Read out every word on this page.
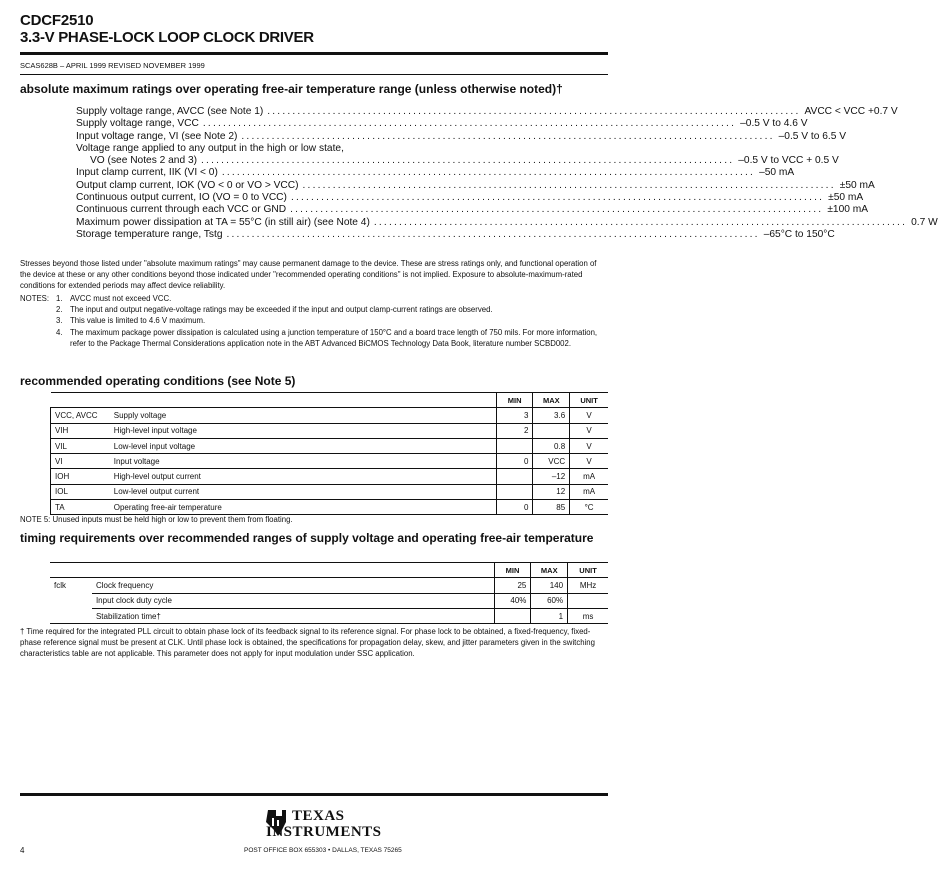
CDCF2510
3.3-V PHASE-LOCK LOOP CLOCK DRIVER
SCAS628B – APRIL 1999 REVISED NOVEMBER 1999
absolute maximum ratings over operating free-air temperature range (unless otherwise noted)†
Supply voltage range, AVCC (see Note 1) .......................................................................................................... AVCC < VCC +0.7 V
Supply voltage range, VCC .......................................................................................................... –0.5 V to 4.6 V
Input voltage range, VI (see Note 2) .......................................................................................................... –0.5 V to 6.5 V
Voltage range applied to any output in the high or low state,
VO (see Notes 2 and 3) .......................................................................................................... –0.5 V to VCC + 0.5 V
Input clamp current, IIK (VI < 0) .......................................................................................................... –50 mA
Output clamp current, IOK (VO < 0 or VO > VCC) .......................................................................................................... ±50 mA
Continuous output current, IO (VO = 0 to VCC) .......................................................................................................... ±50 mA
Continuous current through each VCC or GND .......................................................................................................... ±100 mA
Maximum power dissipation at TA = 55°C (in still air) (see Note 4) .......................................................................................................... 0.7 W
Storage temperature range, Tstg .......................................................................................................... –65°C to 150°C
Stresses beyond those listed under "absolute maximum ratings" may cause permanent damage to the device. These are stress ratings only, and functional operation of the device at these or any other conditions beyond those indicated under "recommended operating conditions" is not implied. Exposure to absolute-maximum-rated conditions for extended periods may affect device reliability.
NOTES: 1. AVCC must not exceed VCC.
2. The input and output negative-voltage ratings may be exceeded if the input and output clamp-current ratings are observed.
3. This value is limited to 4.6 V maximum.
4. The maximum package power dissipation is calculated using a junction temperature of 150°C and a board trace length of 750 mils. For more information, refer to the Package Thermal Considerations application note in the ABT Advanced BiCMOS Technology Data Book, literature number SCBD002.
recommended operating conditions (see Note 5)
		MIN	MAX	UNIT
VCC, AVCC	Supply voltage	3	3.6	V
VIH	High-level input voltage	2		V
VIL	Low-level input voltage		0.8	V
VI	Input voltage	0	VCC	V
IOH	High-level output current		–12	mA
IOL	Low-level output current		12	mA
TA	Operating free-air temperature	0	85	°C
NOTE 5: Unused inputs must be held high or low to prevent them from floating.
timing requirements over recommended ranges of supply voltage and operating free-air temperature
		MIN	MAX	UNIT
fclk	Clock frequency	25	140	MHz
	Input clock duty cycle	40%	60%	
	Stabilization time†		1	ms
† Time required for the integrated PLL circuit to obtain phase lock of its feedback signal to its reference signal. For phase lock to be obtained, a fixed-frequency, fixed-phase reference signal must be present at CLK. Until phase lock is obtained, the specifications for propagation delay, skew, and jitter parameters given in the switching characteristics table are not applicable. This parameter does not apply for input modulation under SSC application.
TEXAS
INSTRUMENTS
4	POST OFFICE BOX 655303 • DALLAS, TEXAS 75265
